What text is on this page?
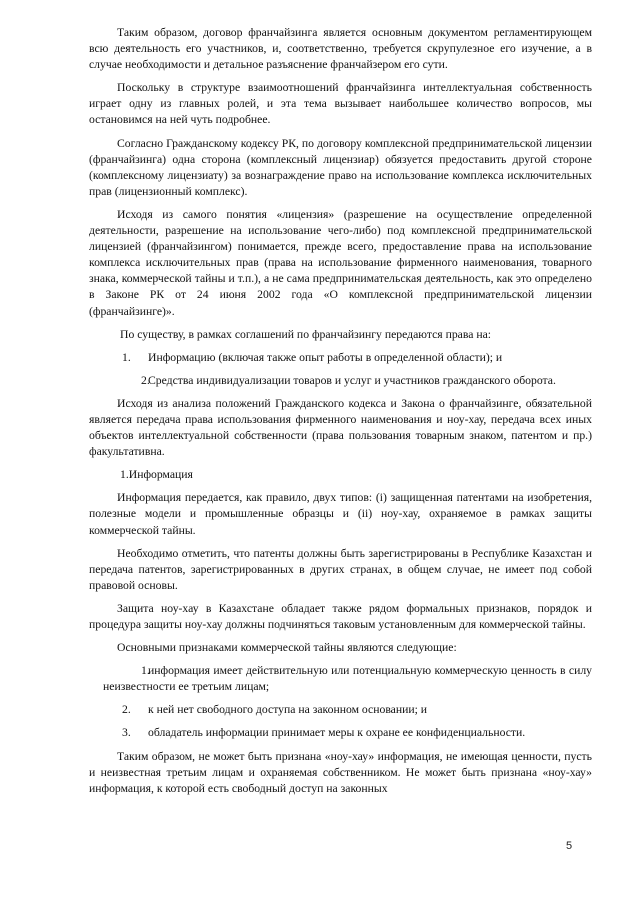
Таким образом, договор франчайзинга является основным документом регламентирующем всю деятельность его участников, и, соответственно, требуется скрупулезное его изучение, а в случае необходимости и детальное разъяснение франчайзером его сути.

Поскольку в структуре взаимоотношений франчайзинга интеллектуальная собственность играет одну из главных ролей, и эта тема вызывает наибольшее количество вопросов, мы остановимся на ней чуть подробнее.

Согласно Гражданскому кодексу РК, по договору комплексной предпринимательской лицензии (франчайзинга) одна сторона (комплексный лицензиар) обязуется предоставить другой стороне (комплексному лицензиату) за вознаграждение право на использование комплекса исключительных прав (лицензионный комплекс).

Исходя из самого понятия «лицензия» (разрешение на осуществление определенной деятельности, разрешение на использование чего-либо) под комплексной предпринимательской лицензией (франчайзингом) понимается, прежде всего, предоставление права на использование комплекса исключительных прав (права на использование фирменного наименования, товарного знака, коммерческой тайны и т.п.), а не сама предпринимательская деятельность, как это определено в Законе РК от 24 июня 2002 года «О комплексной предпринимательской лицензии (франчайзинге)».

По существу, в рамках соглашений по франчайзингу передаются права на:

1. Информацию (включая также опыт работы в определенной области); и
2.Средства индивидуализации товаров и услуг и участников гражданского оборота.

Исходя из анализа положений Гражданского кодекса и Закона о франчайзинге, обязательной является передача права использования фирменного наименования и ноу-хау, передача всех иных объектов интеллектуальной собственности (права пользования товарным знаком, патентом и пр.) факультативна.

1.Информация

Информация передается, как правило, двух типов: (i) защищенная патентами на изобретения, полезные модели и промышленные образцы и (ii) ноу-хау, охраняемое в рамках защиты коммерческой тайны.

Необходимо отметить, что патенты должны быть зарегистрированы в Республике Казахстан и передача патентов, зарегистрированных в других странах, в общем случае, не имеет под собой правовой основы.

Защита ноу-хау в Казахстане обладает также рядом формальных признаков, порядок и процедура защиты ноу-хау должны подчиняться таковым установленным для коммерческой тайны.

Основными признаками коммерческой тайны являются следующие:

1.информация имеет действительную или потенциальную коммерческую ценность в силу неизвестности ее третьим лицам;
2. к ней нет свободного доступа на законном основании; и
3. обладатель информации принимает меры к охране ее конфиденциальности.

Таким образом, не может быть признана «ноу-хау» информация, не имеющая ценности, пусть и неизвестная третьим лицам и охраняемая собственником. Не может быть признана «ноу-хау» информация, к которой есть свободный доступ на законных

5
